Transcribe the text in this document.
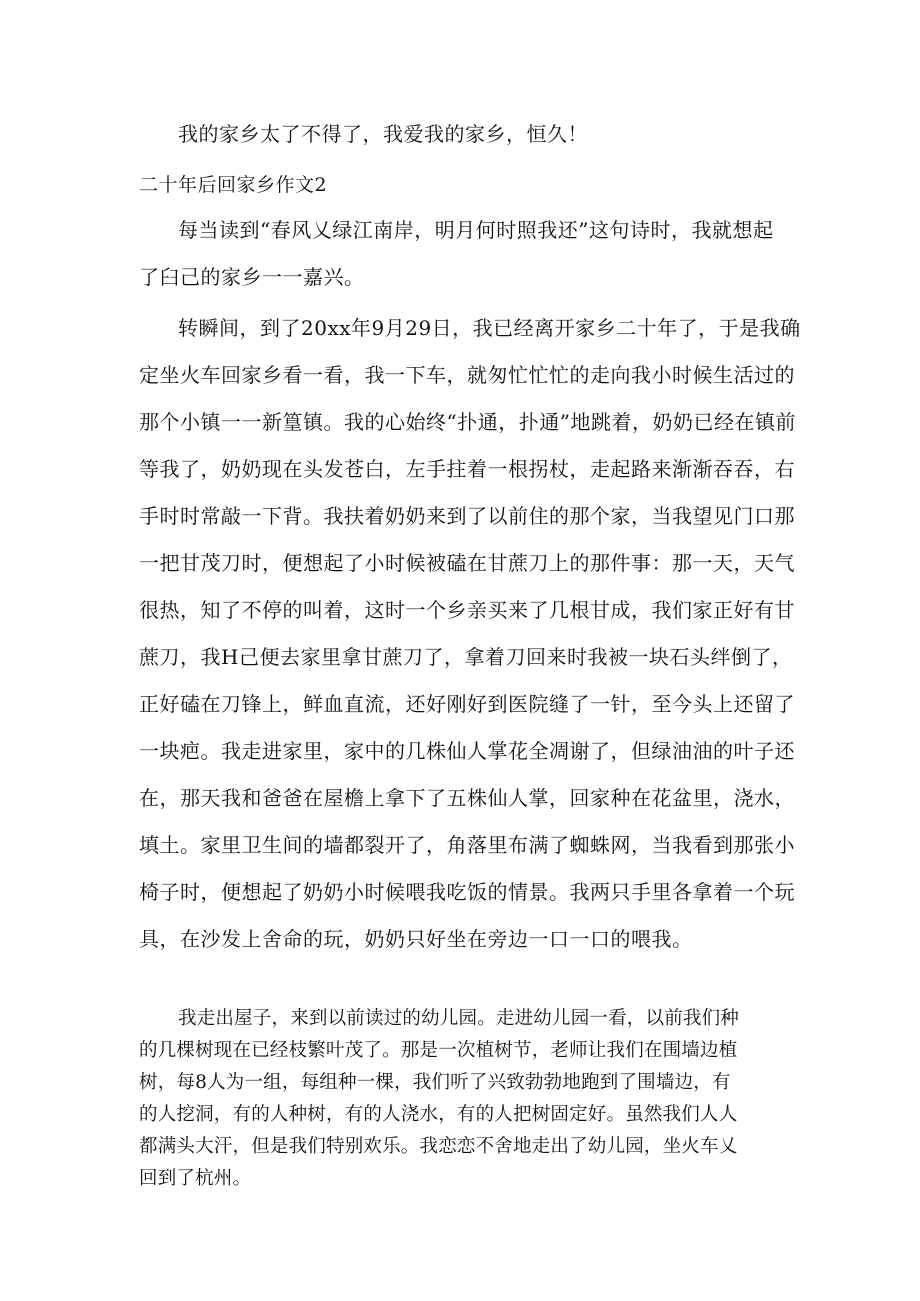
我的家乡太了不得了，我爱我的家乡，恒久！
二十年后回家乡作文2
每当读到“春风乂绿江南岸，明月何时照我还”这句诗时，我就想起
了臼己的家乡一一嘉兴。
转瞬间，到了20xx年9月29日，我已经离开家乡二十年了，于是我确
定坐火车回家乡看一看，我一下车，就匆忙忙忙的走向我小时候生活过的
那个小镇一一新篁镇。我的心始终“扑通，扑通”地跳着，奶奶已经在镇前
等我了，奶奶现在头发苍白，左手拄着一根拐杖，走起路来渐渐吞吞，右
手时时常敲一下背。我扶着奶奶来到了以前住的那个家，当我望见门口那
一把甘茂刀时，便想起了小时候被磕在甘蔗刀上的那件事：那一天，天气
很热，知了不停的叫着，这时一个乡亲买来了几根甘成，我们家正好有甘
蔗刀，我H己便去家里拿甘蔗刀了，拿着刀回来时我被一块石头绊倒了，
正好磕在刀锋上，鲜血直流，还好刚好到医院缝了一针，至今头上还留了
一块疤。我走进家里，家中的几株仙人掌花全凋谢了，但绿油油的叶子还
在，那天我和爸爸在屋檐上拿下了五株仙人掌，回家种在花盆里，浇水，
填土。家里卫生间的墙都裂开了，角落里布满了蜘蛛网，当我看到那张小
椅子时，便想起了奶奶小时候喂我吃饭的情景。我两只手里各拿着一个玩
具，在沙发上舍命的玩，奶奶只好坐在旁边一口一口的喂我。
我走出屋子，来到以前读过的幼儿园。走进幼儿园一看，以前我们种
的几棵树现在已经枝繁叶茂了。那是一次植树节，老师让我们在围墙边植
树，每8人为一组，每组种一棵，我们听了兴致勃勃地跑到了围墙边，有
的人挖洞，有的人种树，有的人浇水，有的人把树固定好。虽然我们人人
都满头大汗，但是我们特别欢乐。我恋恋不舍地走出了幼儿园，坐火车乂
回到了杭州。
